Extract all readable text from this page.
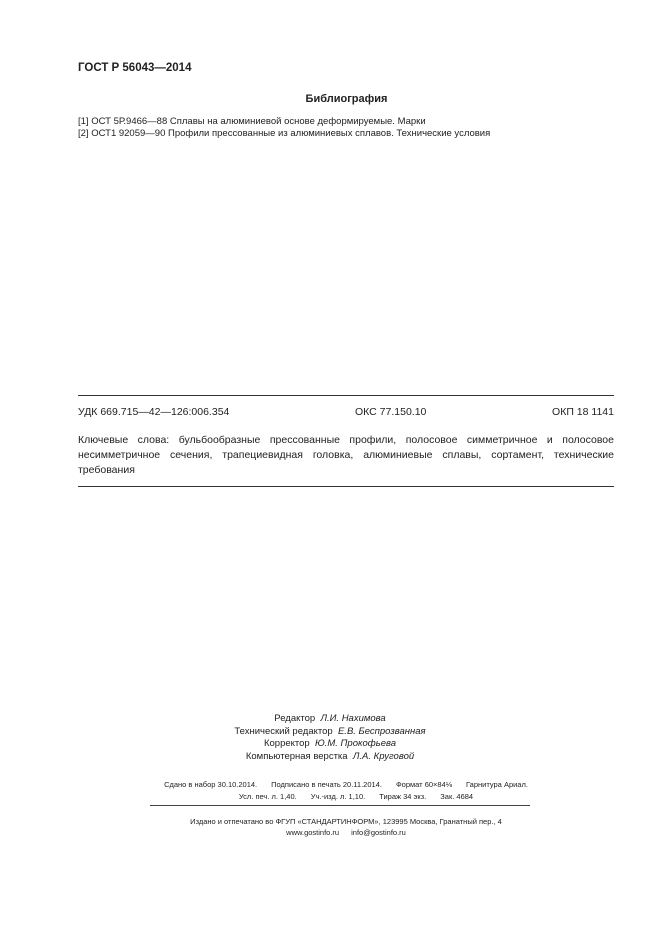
ГОСТ Р 56043—2014
Библиография
[1] ОСТ 5Р.9466—88 Сплавы на алюминиевой основе деформируемые. Марки
[2] ОСТ1 92059—90 Профили прессованные из алюминиевых сплавов. Технические условия
УДК 669.715—42—126:006.354	ОКС 77.150.10	ОКП 18 1141
Ключевые слова: бульбообразные прессованные профили, полосовое симметричное и полосовое несимметричное сечения, трапециевидная головка, алюминиевые сплавы, сортамент, технические требования
Редактор Л.И. Нахимова
Технический редактор Е.В. Беспрозванная
Корректор Ю.М. Прокофьева
Компьютерная верстка Л.А. Круговой
Сдано в набор 30.10.2014. Подписано в печать 20.11.2014. Формат 60×84⅛ Гарнитура Ариал.
Усл. печ. л. 1,40. Уч.-изд. л. 1,10. Тираж 34 экз. Зак. 4684
Издано и отпечатано во ФГУП «СТАНДАРТИНФОРМ», 123995 Москва, Гранатный пер., 4
www.gostinfo.ru info@gostinfo.ru
